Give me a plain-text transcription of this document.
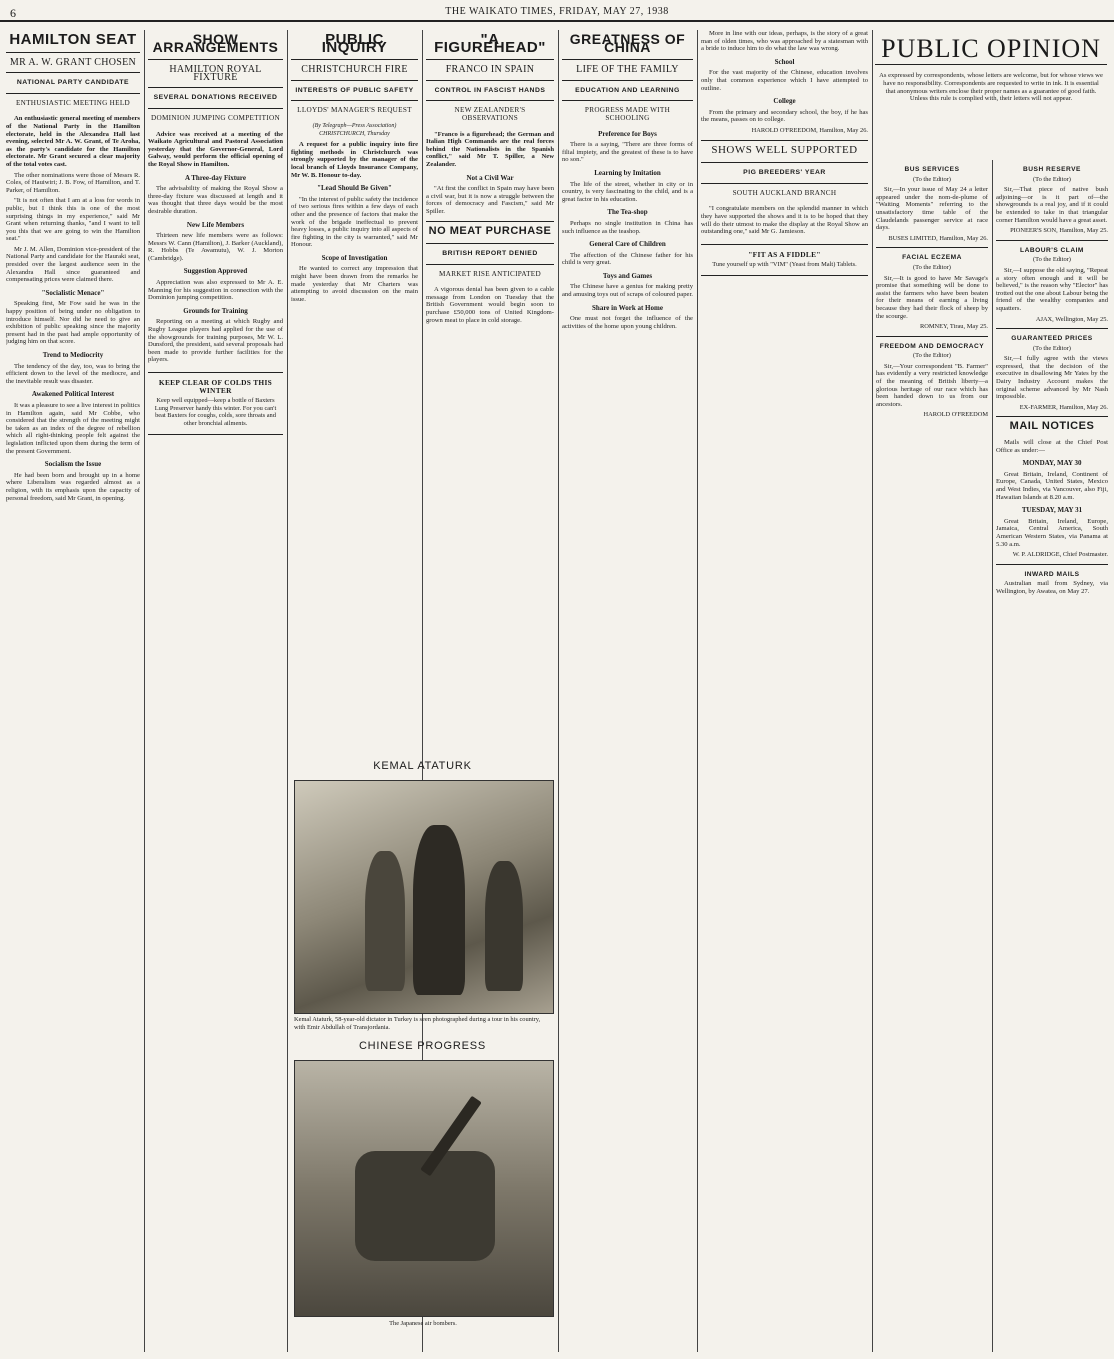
6	THE WAIKATO TIMES, FRIDAY, MAY 27, 1938
HAMILTON SEAT
MR A. W. GRANT CHOSEN
NATIONAL PARTY CANDIDATE
ENTHUSIASTIC MEETING HELD

An enthusiastic general meeting of members of the National Party in the Hamilton electorate, held in the Alexandra Hall last evening, selected Mr A. W. Grant, of Te Aroha, as the party's candidate for the Hamilton electorate. Mr Grant secured a clear majority of the total votes cast.

The other nominations were those of Messrs R. Coles, of Hauiwiri; J. B. Fow, of Hamilton, and T. Parker, of Hamilton.

"It is not often that I am at a loss for words in public, but I think this is one of the most surprising things in my experience," said Mr Grant when returning thanks, "and I want to tell you this that we are going to win the Hamilton seat."

Mr J. M. Allen, Dominion vice-president of the National Party and candidate for the Hauraki seat, presided over the largest audience seen in the Alexandra Hall since guaranteed and compensating prices were claimed there.

"Socialistic Menace"

Speaking first, Mr Fow said he was in the happy position of being under no obligation to introduce himself. Nor did he need to give an exhibition of public speaking since the majority present had in the past had ample opportunity of judging him on that score.

Trend to Mediocrity

The tendency of the day, too, was to bring the efficient down to the level of the mediocre, and the inevitable result was disaster.

Awakened Political Interest

It was a pleasure to see a live interest in politics in Hamilton again, said Mr Cobbe, who considered that the strength of the meeting might be taken as an index of the degree of rebellion which all right-thinking people felt against the legislation inflicted upon them during the term of the present Government.

Socialism the Issue

He had been born and brought up in a home where Liberalism was regarded almost as a religion, with its emphasis upon the capacity of personal freedom, said Mr Grant, in opening.

SHOW ARRANGEMENTS
HAMILTON ROYAL FIXTURE
SEVERAL DONATIONS RECEIVED
DOMINION JUMPING COMPETITION

Advice was received at a meeting of the Waikato Agricultural and Pastoral Association yesterday that the Governor-General, Lord Galway, would perform the official opening of the Royal Show in Hamilton.

A Three-day Fixture

The advisability of making the Royal Show a three-day fixture was discussed at length and it was thought that three days would be the most desirable duration.

New Life Members

Thirteen new life members were as follows: Messrs W. Cann (Hamilton), J. Barker (Auckland), R. Hobbs (Te Awamutu), W. J. Morton (Cambridge).

Suggestion Approved

Appreciation was also expressed to Mr A. E. Manning for his suggestion in connection with the Dominion jumping competition.

Grounds for Training

Reporting on a meeting at which Rugby and Rugby League players had applied for the use of the showgrounds for training purposes, Mr W. L. Dunsford, the president, said several proposals had been made to provide further facilities for the players.

KEEP CLEAR OF COLDS THIS WINTER
Keep well equipped—keep a bottle of Baxters Lung Preserver handy this winter. For you can't beat Baxters for coughs, colds, sore throats and other bronchial ailments.
PUBLIC INQUIRY
CHRISTCHURCH FIRE
INTERESTS OF PUBLIC SAFETY
LLOYDS' MANAGER'S REQUEST
(By Telegraph—Press Association) CHRISTCHURCH, Thursday

A request for a public inquiry into fire fighting methods in Christchurch was strongly supported by the manager of the local branch of Lloyds Insurance Company, Mr W. B. Honour to-day.

"Lead Should Be Given"

"In the interest of public safety the incidence of two serious fires within a few days of each other and the presence of factors that make the work of the brigade ineffectual to prevent heavy losses, a public inquiry into all aspects of fire fighting in the city is warranted," said Mr Honour.

Scope of Investigation

He wanted to correct any impression that might have been drawn from the remarks he made yesterday that Mr Charters was attempting to avoid discussion on the main issue.

"A FIGUREHEAD"
FRANCO IN SPAIN
CONTROL IN FASCIST HANDS
NEW ZEALANDER'S OBSERVATIONS

"Franco is a figurehead; the German and Italian High Commands are the real forces behind the Nationalists in the Spanish conflict," said Mr T. Spiller, a New Zealander.

Not a Civil War

"At first the conflict in Spain may have been a civil war, but it is now a struggle between the forces of democracy and Fascism," said Mr Spiller.

NO MEAT PURCHASE
BRITISH REPORT DENIED
MARKET RISE ANTICIPATED

A vigorous denial has been given to a cable message from London on Tuesday that the British Government would begin soon to purchase £50,000 tons of United Kingdom-grown meat to place in cold storage.

KEMAL ATATURK
Kemal Ataturk, 58-year-old dictator in Turkey is seen photographed during a tour in his country, with Emir Abdullah of Transjordania.
CHINESE PROGRESS
The Japanese air bombers.
GREATNESS OF CHINA
LIFE OF THE FAMILY
EDUCATION AND LEARNING
PROGRESS MADE WITH SCHOOLING
Preference for Boys

There is a saying, "There are three forms of filial impiety, and the greatest of these is to have no son."

Learning by Imitation

The life of the street, whether in city or in country, is very fascinating to the child, and is a great factor in his education.

The Tea-shop

Perhaps no single institution in China has such influence as the teashop.

General Care of Children

The affection of the Chinese father for his child is very great.

Toys and Games

The Chinese have a genius for making pretty and amusing toys out of scraps of coloured paper.

Share in Work at Home

One must not forget the influence of the activities of the home upon young children.

More in line with our ideas, perhaps, is the story of a great man of olden times, who was approached by a statesman with a bride to induce him to do what the law was wrong.

School

For the vast majority of the Chinese, education involves only that common experience which I have attempted to outline.

College

From the primary and secondary school, the boy, if he has the means, passes on to college.

HAROLD O'FREEDOM, Hamilton, May 26.
SHOWS WELL SUPPORTED
PIG BREEDERS' YEAR
SOUTH AUCKLAND BRANCH

"I congratulate members on the splendid manner in which they have supported the shows and it is to be hoped that they will do their utmost to make the display at the Royal Show an outstanding one," said Mr G. Jamieson.

"FIT AS A FIDDLE"
Tune yourself up with "VIM" (Yeast from Malt) Tablets.
PUBLIC OPINION
As expressed by correspondents, whose letters are welcome, but for whose views we have no responsibility. Correspondents are requested to write in ink. It is essential that anonymous writers enclose their proper names as a guarantee of good faith. Unless this rule is complied with, their letters will not appear.
BUS SERVICES
(To the Editor)

Sir,—In your issue of May 24 a letter appeared under the nom-de-plume of "Waiting Moments" referring to the unsatisfactory time table of the Claudelands passenger service at race days.

BUSES LIMITED, Hamilton, May 26.
FACIAL ECZEMA
(To the Editor)

Sir,—It is good to have Mr Savage's promise that something will be done to assist the farmers who have been beaten for their means of earning a living because they had their flock of sheep by the scourge.

ROMNEY, Tirau, May 25.
FREEDOM AND DEMOCRACY
(To the Editor)

Sir,—Your correspondent "B. Farmer" has evidently a very restricted knowledge of the meaning of British liberty—a glorious heritage of our race which has been handed down to us from our ancestors.

HAROLD O'FREEDOM
BUSH RESERVE
(To the Editor)

Sir,—That piece of native bush adjoining—or is it part of—the showgrounds is a real joy, and if it could be extended to take in that triangular corner Hamilton would have a great asset.

PIONEER'S SON, Hamilton, May 25.
LABOUR'S CLAIM
(To the Editor)

Sir,—I suppose the old saying, "Repeat a story often enough and it will be believed," is the reason why "Elector" has trotted out the one about Labour being the friend of the wealthy companies and squatters.

AJAX, Wellington, May 25.
GUARANTEED PRICES
(To the Editor)

Sir,—I fully agree with the views expressed, that the decision of the executive in disallowing Mr Yates by the Dairy Industry Account makes the original scheme advanced by Mr Nash impossible.

EX-FARMER, Hamilton, May 26.
MAIL NOTICES

Mails will close at the Chief Post Office as under:—

MONDAY, MAY 30

Great Britain, Ireland, Continent of Europe, Canada, United States, Mexico and West Indies, via Vancouver, also Fiji, Hawaiian Islands at 8.20 a.m.

TUESDAY, MAY 31

Great Britain, Ireland, Europe, Jamaica, Central America, South American Western States, via Panama at 5.30 a.m.

W. P. ALDRIDGE, Chief Postmaster.
INWARD MAILS

Australian mail from Sydney, via Wellington, by Awatea, on May 27.
